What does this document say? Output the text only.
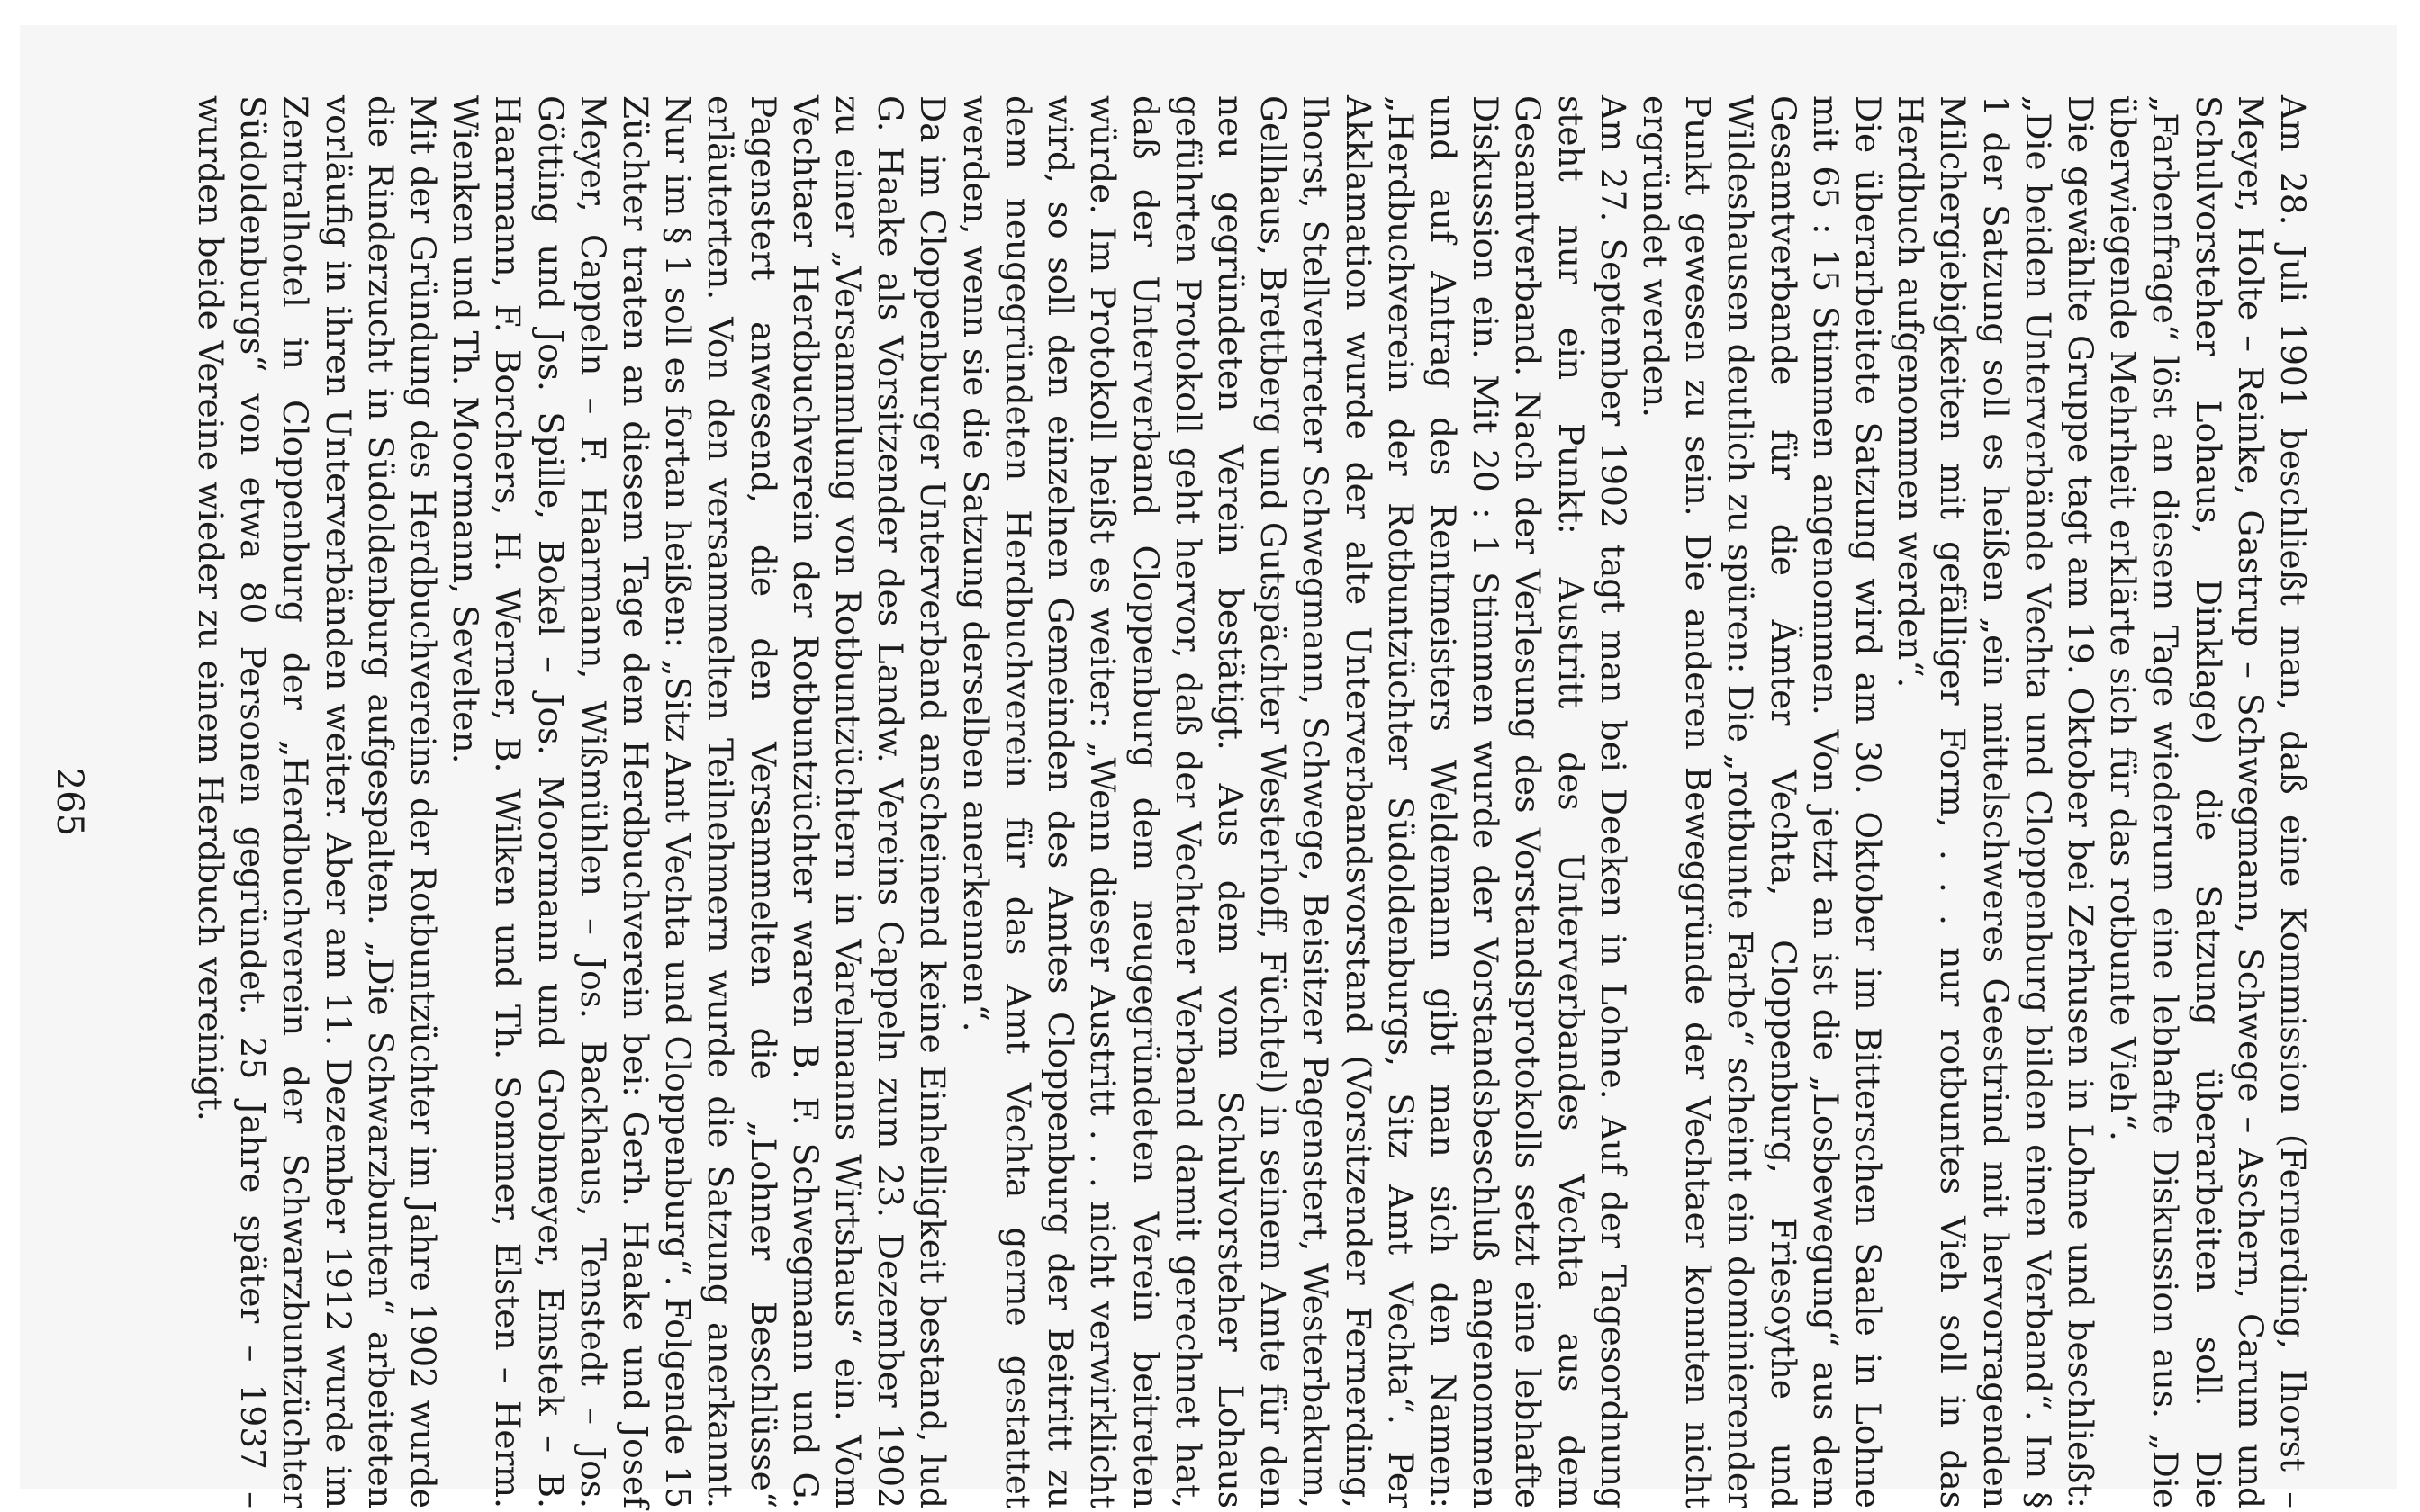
Am 28. Juli 1901 beschließt man, daß eine Kommission (Fernerding, Ihorst – Meyer, Holte – Reinke, Gastrup – Schwegmann, Schwege – Aschern, Carum und Schulvorsteher Lohaus, Dinklage) die Satzung überarbeiten soll. Die „Farbenfrage“ löst an diesem Tage wiederum eine lebhafte Diskussion aus. „Die überwiegende Mehrheit erklärte sich für das rotbunte Vieh“.

Die gewählte Gruppe tagt am 19. Oktober bei Zerhusen in Lohne und beschließt: „Die beiden Unterverbände Vechta und Cloppenburg bilden einen Verband“. Im § 1 der Satzung soll es heißen „ein mittelschweres Geestrind mit hervorragenden Milchergiebigkeiten mit gefälliger Form, . . . nur rotbuntes Vieh soll in das Herdbuch aufgenommen werden“.

Die überarbeitete Satzung wird am 30. Oktober im Bitterschen Saale in Lohne mit 65 : 15 Stimmen angenommen. Von jetzt an ist die „Losbewegung“ aus dem Gesamtverbande für die Ämter Vechta, Cloppenburg, Friesoythe und Wildeshausen deutlich zu spüren: Die „rotbunte Farbe“ scheint ein dominierender Punkt gewesen zu sein. Die anderen Beweggründe der Vechtaer konnten nicht ergründet werden.

Am 27. September 1902 tagt man bei Deeken in Lohne. Auf der Tagesordnung steht nur ein Punkt: Austritt des Unterverbandes Vechta aus dem Gesamtverband. Nach der Verlesung des Vorstandsprotokolls setzt eine lebhafte Diskussion ein. Mit 20 : 1 Stimmen wurde der Vorstandsbeschluß angenommen und auf Antrag des Rentmeisters Weldemann gibt man sich den Namen: „Herdbuchverein der Rotbuntzüchter Südoldenburgs, Sitz Amt Vechta“. Per Akklamation wurde der alte Unterverbandsvorstand (Vorsitzender Fernerding, Ihorst, Stellvertreter Schwegmann, Schwege, Beisitzer Pagenstert, Westerbakum, Gellhaus, Brettberg und Gutspächter Westerhoff, Füchtel) in seinem Amte für den neu gegründeten Verein bestätigt. Aus dem vom Schulvorsteher Lohaus geführten Protokoll geht hervor, daß der Vechtaer Verband damit gerechnet hat, daß der Unterverband Cloppenburg dem neugegründeten Verein beitreten würde. Im Protokoll heißt es weiter: „Wenn dieser Austritt . . . nicht verwirklicht wird, so soll den einzelnen Gemeinden des Amtes Cloppenburg der Beitritt zu dem neugegründeten Herdbuchverein für das Amt Vechta gerne gestattet werden, wenn sie die Satzung derselben anerkennen“.

Da im Cloppenburger Unterverband anscheinend keine Einhelligkeit bestand, lud G. Haake als Vorsitzender des Landw. Vereins Cappeln zum 23. Dezember 1902 zu einer „Versammlung von Rotbuntzüchtern in Varelmanns Wirtshaus“ ein. Vom Vechtaer Herdbuchverein der Rotbuntzüchter waren B. F. Schwegmann und G. Pagenstert anwesend, die den Versammelten die „Lohner Beschlüsse“ erläuterten. Von den versammelten Teilnehmern wurde die Satzung anerkannt. Nur im § 1 soll es fortan heißen: „Sitz Amt Vechta und Cloppenburg“. Folgende 15 Züchter traten an diesem Tage dem Herdbuchverein bei: Gerh. Haake und Josef Meyer, Cappeln – F. Haarmann, Wißmühlen – Jos. Backhaus, Tenstedt – Jos. Götting und Jos. Spille, Bokel – Jos. Moormann und Grobmeyer, Emstek – B. Haarmann, F. Borchers, H. Werner, B. Wilken und Th. Sommer, Elsten – Herm. Wienken und Th. Moormann, Sevelten.

Mit der Gründung des Herdbuchvereins der Rotbuntzüchter im Jahre 1902 wurde die Rinderzucht in Südoldenburg aufgespalten. „Die Schwarzbunten“ arbeiteten vorläufig in ihren Unterverbänden weiter. Aber am 11. Dezember 1912 wurde im Zentralhotel in Cloppenburg der „Herdbuchverein der Schwarzbuntzüchter Südoldenburgs“ von etwa 80 Personen gegründet. 25 Jahre später – 1937 – wurden beide Vereine wieder zu einem Herdbuch vereinigt.

265
